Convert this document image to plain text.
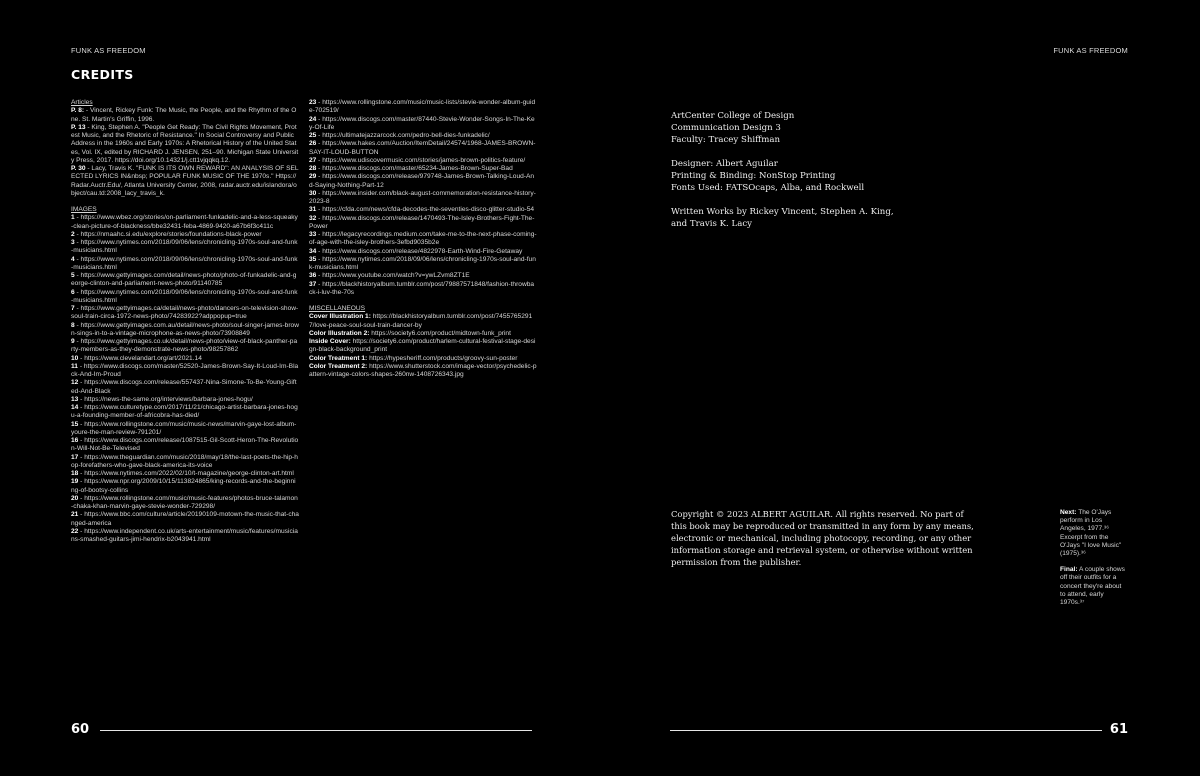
FUNK AS FREEDOM
CREDITS
Articles
P. 8: - Vincent, Rickey Funk: The Music, the People, and the Rhythm of the One. St. Martin's Griffin, 1996.
P. 13 - King, Stephen A. "People Get Ready: The Civil Rights Movement, Protest Music, and the Rhetoric of Resistance." In Social Controversy and Public Address in the 1960s and Early 1970s: A Rhetorical History of the United States, Vol. IX, edited by RICHARD J. JENSEN, 251–90. Michigan State University Press, 2017. https://doi.org/10.14321/j.ctt1vjqqkq.12.
P. 30 - Lacy, Travis K. "FUNK IS ITS OWN REWARD": AN ANALYSIS OF SELECTED LYRICS IN&nbsp; POPULAR FUNK MUSIC OF THE 1970s." Https://Radar.Auctr.Edu/, Atlanta University Center, 2008, radar.auctr.edu/islandora/object/cau.td:2008_lacy_travis_k.
IMAGES
1 - https://www.wbez.org/stories/on-parliament-funkadelic-and-a-less-squeaky-clean-picture-of-blackness/bbe32431-feba-4869-9420-a67b6f3c411c
2 - https://nmaahc.si.edu/explore/stories/foundations-black-power
3 - https://www.nytimes.com/2018/09/06/lens/chronicling-1970s-soul-and-funk-musicians.html
4 - https://www.nytimes.com/2018/09/06/lens/chronicling-1970s-soul-and-funk-musicians.html
5 - https://www.gettyimages.com/detail/news-photo/photo-of-funkadelic-and-george-clinton-and-parliament-news-photo/91140785
6 - https://www.nytimes.com/2018/09/06/lens/chronicling-1970s-soul-and-funk-musicians.html
7 - https://www.gettyimages.ca/detail/news-photo/dancers-on-television-show-soul-train-circa-1972-news-photo/74283922?adppopup=true
8 - https://www.gettyimages.com.au/detail/news-photo/soul-singer-james-brown-sings-in-to-a-vintage-microphone-as-news-photo/73908849
9 - https://www.gettyimages.co.uk/detail/news-photo/view-of-black-panther-party-members-as-they-demonstrate-news-photo/98257862
10 - https://www.clevelandart.org/art/2021.14
11 - https://www.discogs.com/master/52520-James-Brown-Say-It-Loud-Im-Black-And-Im-Proud
12 - https://www.discogs.com/release/557437-Nina-Simone-To-Be-Young-Gifted-And-Black
13 - https://news-the-same.org/interviews/barbara-jones-hogu/
14 - https://www.culturetype.com/2017/11/21/chicago-artist-barbara-jones-hogu-a-founding-member-of-africobra-has-died/
15 - https://www.rollingstone.com/music/music-news/marvin-gaye-lost-album-youre-the-man-review-791201/
16 - https://www.discogs.com/release/1087515-Gil-Scott-Heron-The-Revolution-Will-Not-Be-Televised
17 - https://www.theguardian.com/music/2018/may/18/the-last-poets-the-hip-hop-forefathers-who-gave-black-america-its-voice
18 - https://www.nytimes.com/2022/02/10/t-magazine/george-clinton-art.html
19 - https://www.npr.org/2009/10/15/113824865/king-records-and-the-beginning-of-bootsy-collins
20 - https://www.rollingstone.com/music/music-features/photos-bruce-talamon-chaka-khan-marvin-gaye-stevie-wonder-729298/
21 - https://www.bbc.com/culture/article/20190109-motown-the-music-that-changed-america
22 - https://www.independent.co.uk/arts-entertainment/music/features/musicians-smashed-guitars-jimi-hendrix-b2043941.html
23 - https://www.rollingstone.com/music/music-lists/stevie-wonder-album-guide-702519/
24 - https://www.discogs.com/master/87440-Stevie-Wonder-Songs-In-The-Key-Of-Life
25 - https://ultimatejazzarcock.com/pedro-bell-dies-funkadelic/
26 - https://www.hakes.com/Auction/ItemDetail/24574/1968-JAMES-BROWN-SAY-IT-LOUD-BUTTON
27 - https://www.udiscovermusic.com/stories/james-brown-politics-feature/
28 - https://www.discogs.com/master/65234-James-Brown-Super-Bad
29 - https://www.discogs.com/release/979748-James-Brown-Talking-Loud-And-Saying-Nothing-Part-12
30 - https://www.insider.com/black-august-commemoration-resistance-history-2023-8
31 - https://cfda.com/news/cfda-decodes-the-seventies-disco-glitter-studio-54
32 - https://www.discogs.com/release/1470493-The-Isley-Brothers-Fight-The-Power
33 - https://legacyrecordings.medium.com/take-me-to-the-next-phase-coming-of-age-with-the-isley-brothers-3efbd9035b2e
34 - https://www.discogs.com/release/4822978-Earth-Wind-Fire-Getaway
35 - https://www.nytimes.com/2018/09/06/lens/chronicling-1970s-soul-and-funk-musicians.html
36 - https://www.youtube.com/watch?v=ywLZvm8ZT1E
37 - https://blackhistoryalbum.tumblr.com/post/79887571848/fashion-throwback-i-luv-the-70s
MISCELLANEOUS
Cover Illustration 1: https://blackhistoryalbum.tumblr.com/post/74557652917/love-peace-soul-soul-train-dancer-by
Color Illustration 2: https://society6.com/product/midtown-funk_print
Inside Cover: https://society6.com/product/harlem-cultural-festival-stage-design-black-background_print
Color Treatment 1: https://hypesheriff.com/products/groovy-sun-poster
Color Treatment 2: https://www.shutterstock.com/image-vector/psychedelic-pattern-vintage-colors-shapes-260nw-1408726343.jpg
60
FUNK AS FREEDOM

ArtCenter College of Design

Communication Design 3

Faculty: Tracey Shiffman

Designer: Albert Aguilar

Printing & Binding: NonStop Printing

Fonts Used: FATSOcaps, Alba, and Rockwell

Written Works by Rickey Vincent, Stephen A. King, and Travis K. Lacy

Copyright © 2023 ALBERT AGUILAR. All rights reserved. No part of this book may be reproduced or transmitted in any form by any means, electronic or mechanical, including photocopy, recording, or any other information storage and retrieval system, or otherwise without written permission from the publisher.

Next: The O'Jays perform in Los Angeles, 1977.³⁶ Excerpt from the O'Jays "I love Music" (1975).³⁶

Final: A couple shows off their outfits for a concert they're about to attend, early 1970s.³⁷

61
